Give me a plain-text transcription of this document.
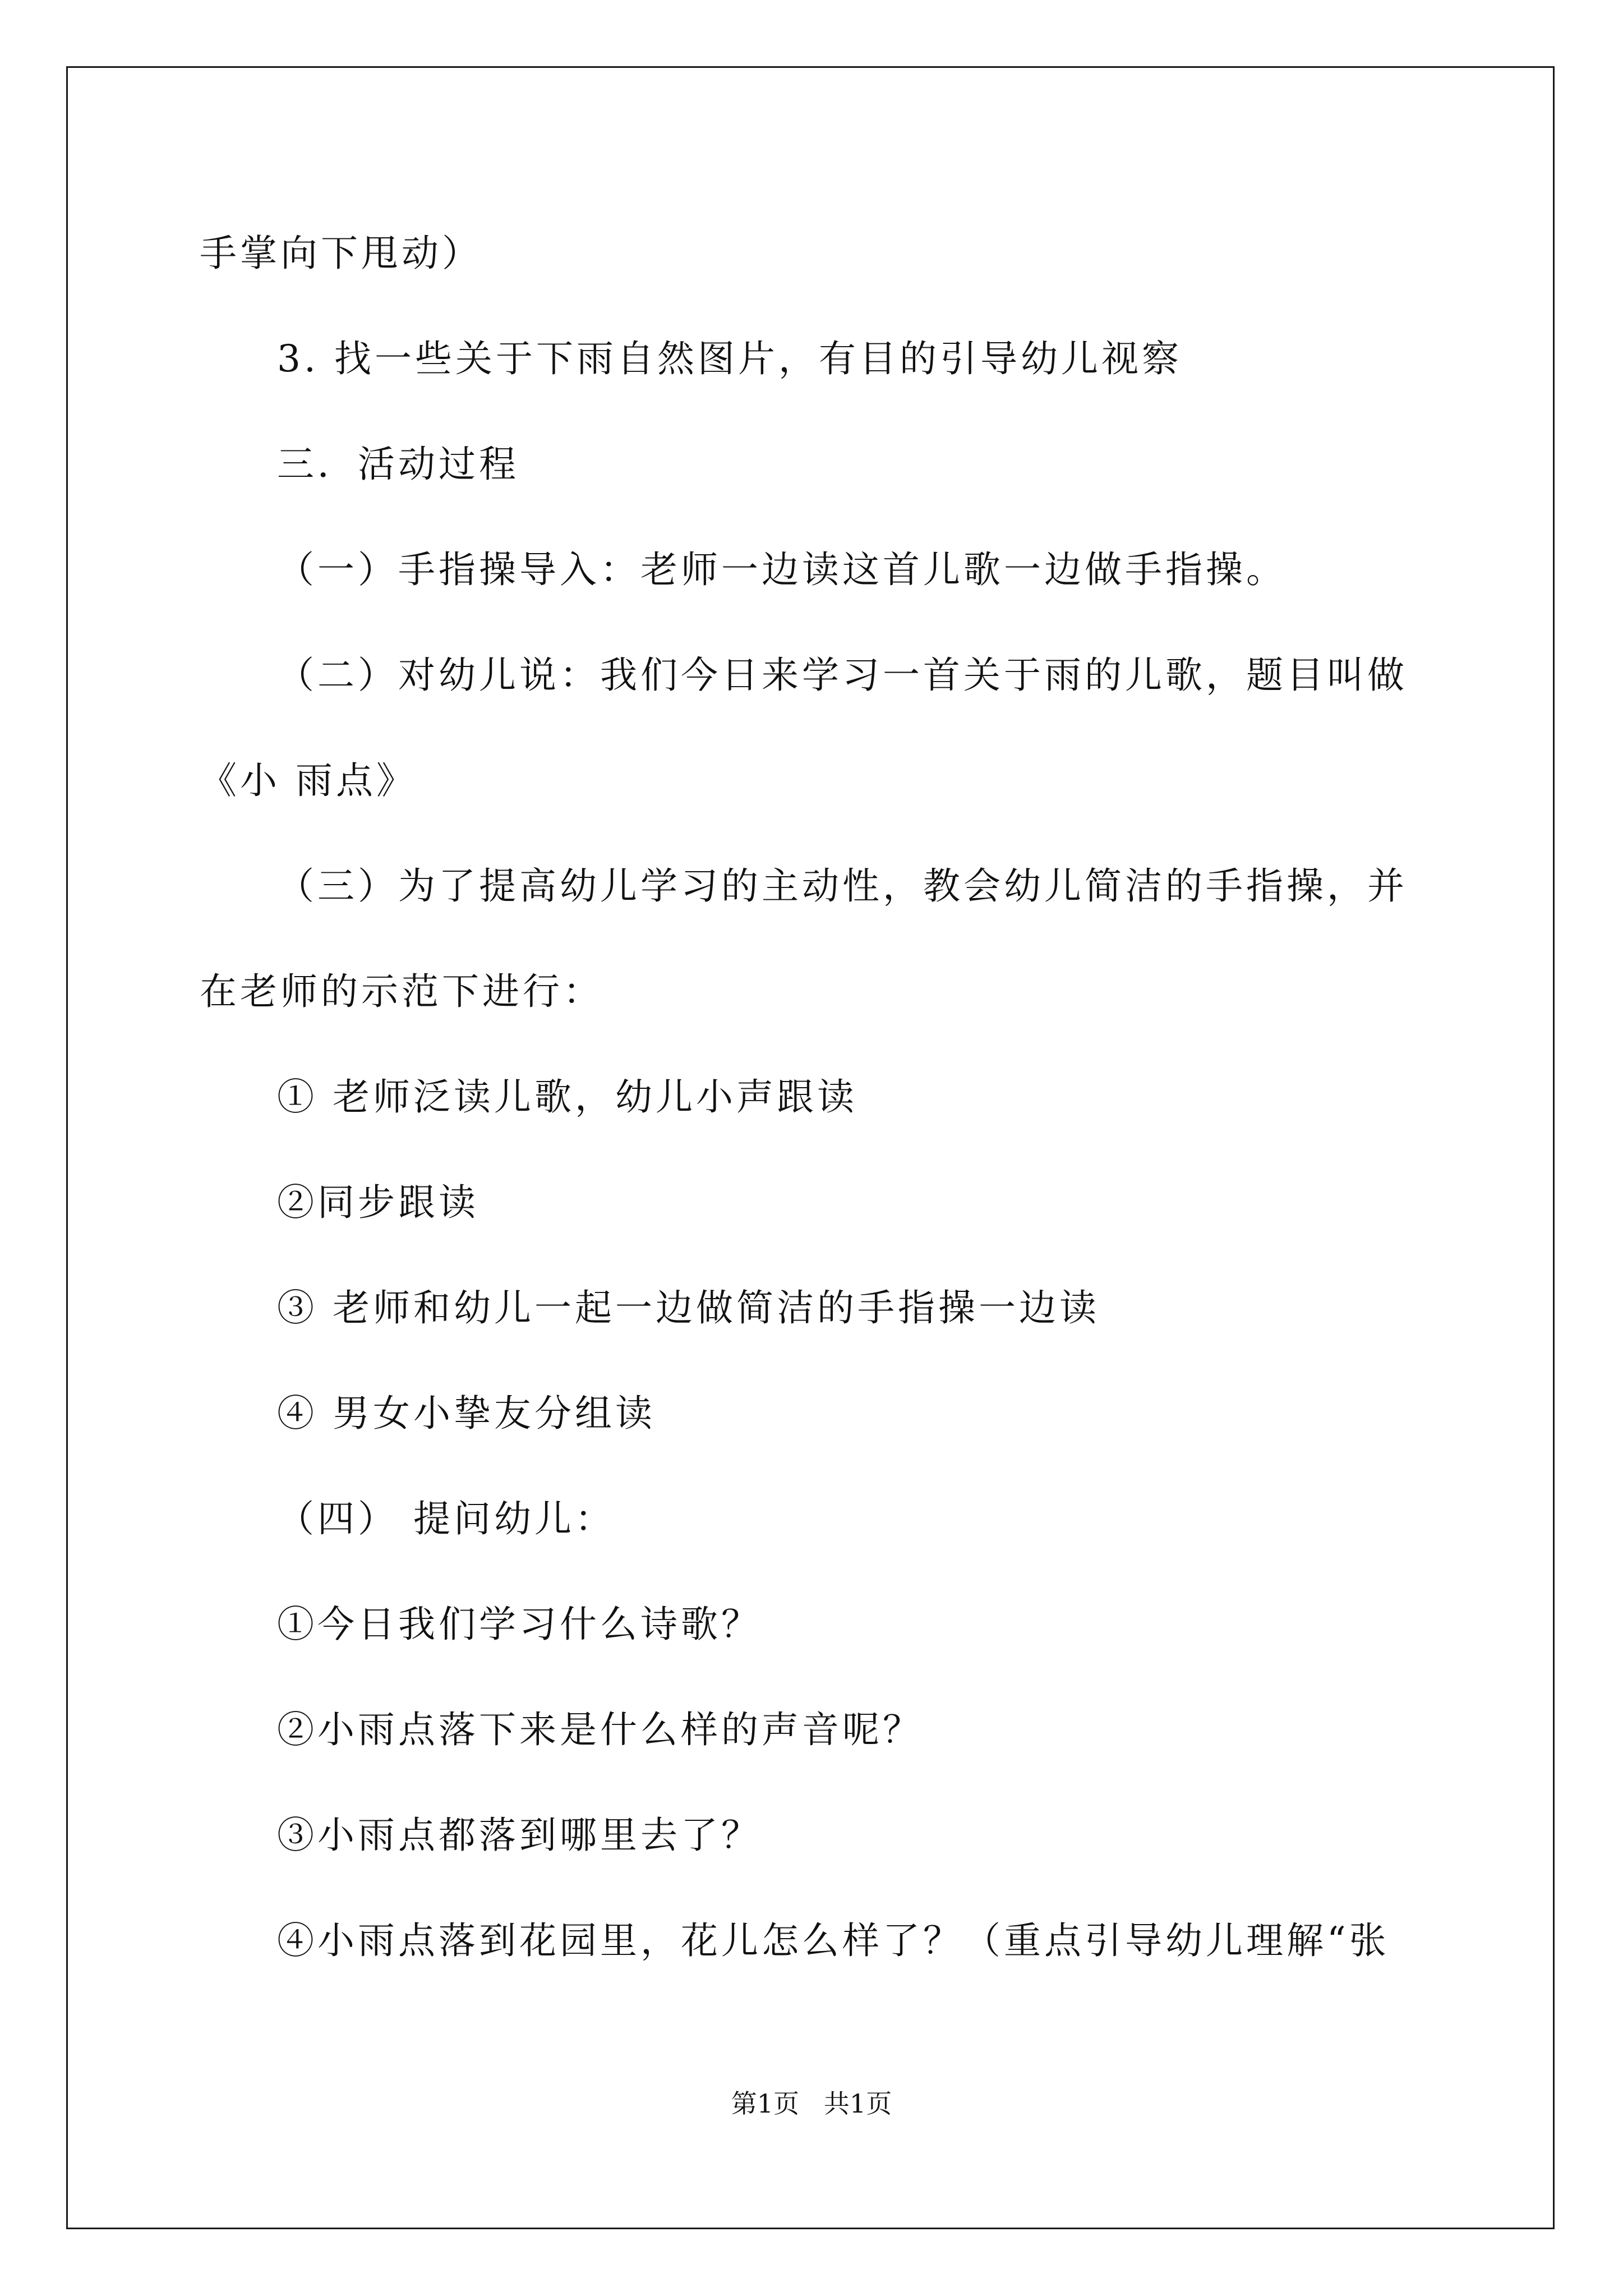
手掌向下甩动）
3. 找一些关于下雨自然图片，有目的引导幼儿视察
三．活动过程
（一）手指操导入：老师一边读这首儿歌一边做手指操。
（二）对幼儿说：我们今日来学习一首关于雨的儿歌，题目叫做
《小 雨点》
（三）为了提高幼儿学习的主动性，教会幼儿简洁的手指操，并
在老师的示范下进行：
① 老师泛读儿歌，幼儿小声跟读
②同步跟读
③ 老师和幼儿一起一边做简洁的手指操一边读
④ 男女小挚友分组读
（四） 提问幼儿：
①今日我们学习什么诗歌？
②小雨点落下来是什么样的声音呢？
③小雨点都落到哪里去了？
④小雨点落到花园里，花儿怎么样了？（重点引导幼儿理解“张
第1页   共1页
